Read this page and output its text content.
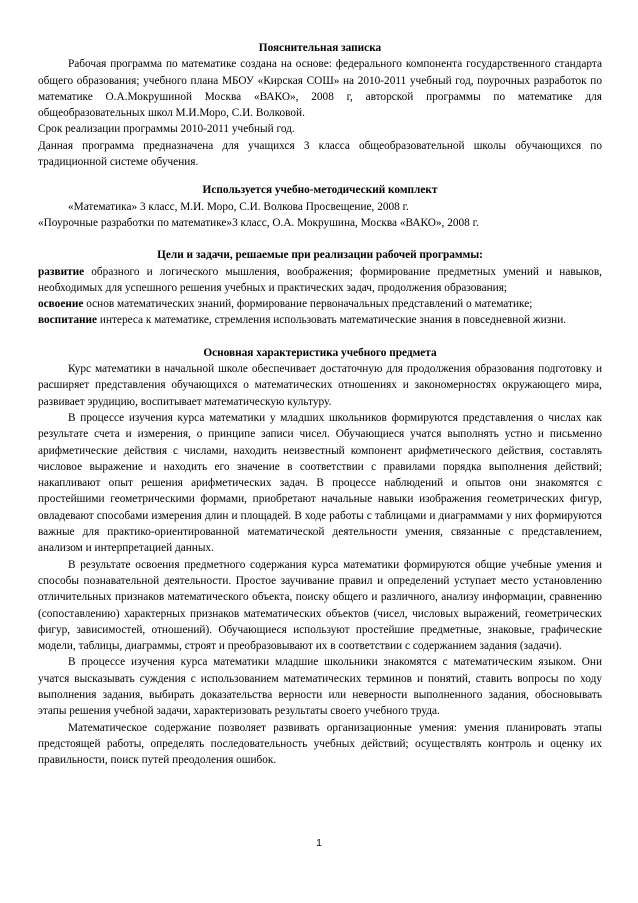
Пояснительная записка

Рабочая программа по математике создана на основе: федерального компонента государственного стандарта общего образования; учебного плана МБОУ «Кирская СОШ» на 2010-2011 учебный год, поурочных разработок по математике О.А.Мокрушиной Москва «ВАКО», 2008 г, авторской программы по математике для общеобразовательных школ М.И.Моро, С.И. Волковой.

Срок реализации программы 2010-2011 учебный год.

Данная программа предназначена для учащихся 3 класса общеобразовательной школы обучающихся по традиционной системе обучения.

Используется учебно-методический комплект

«Математика» 3 класс, М.И. Моро, С.И. Волкова Просвещение, 2008 г.

«Поурочные разработки по математике»3 класс, О.А. Мокрушина, Москва «ВАКО», 2008 г.

Цели и задачи, решаемые при реализации рабочей программы:

развитие образного и логического мышления, воображения; формирование предметных умений и навыков, необходимых для успешного решения учебных и практических задач, продолжения образования;

освоение основ математических знаний, формирование первоначальных представлений о математике;

воспитание интереса к математике, стремления использовать математические знания в повседневной жизни.

Основная характеристика учебного предмета

Курс математики в начальной школе обеспечивает достаточную для продолжения образования подготовку и расширяет представления обучающихся о математических отношениях и закономерностях окружающего мира, развивает эрудицию, воспитывает математическую культуру.

В процессе изучения курса математики у младших школьников формируются представления о числах как результате счета и измерения, о принципе записи чисел. Обучающиеся учатся выполнять устно и письменно арифметические действия с числами, находить неизвестный компонент арифметического действия, составлять числовое выражение и находить его значение в соответствии с правилами порядка выполнения действий; накапливают опыт решения арифметических задач. В процессе наблюдений и опытов они знакомятся с простейшими геометрическими формами, приобретают начальные навыки изображения геометрических фигур, овладевают способами измерения длин и площадей. В ходе работы с таблицами и диаграммами у них формируются важные для практико-ориентированной математической деятельности умения, связанные с представлением, анализом и интерпретацией данных.

В результате освоения предметного содержания курса математики формируются общие учебные умения и способы познавательной деятельности. Простое заучивание правил и определений уступает место установлению отличительных признаков математического объекта, поиску общего и различного, анализу информации, сравнению (сопоставлению) характерных признаков математических объектов (чисел, числовых выражений, геометрических фигур, зависимостей, отношений). Обучающиеся используют простейшие предметные, знаковые, графические модели, таблицы, диаграммы, строят и преобразовывают их в соответствии с содержанием задания (задачи).

В процессе изучения курса математики младшие школьники знакомятся с математическим языком. Они учатся высказывать суждения с использованием математических терминов и понятий, ставить вопросы по ходу выполнения задания, выбирать доказательства верности или неверности выполненного задания, обосновывать этапы решения учебной задачи, характеризовать результаты своего учебного труда.

Математическое содержание позволяет развивать организационные умения: умения планировать этапы предстоящей работы, определять последовательность учебных действий; осуществлять контроль и оценку их правильности, поиск путей преодоления ошибок.

1
